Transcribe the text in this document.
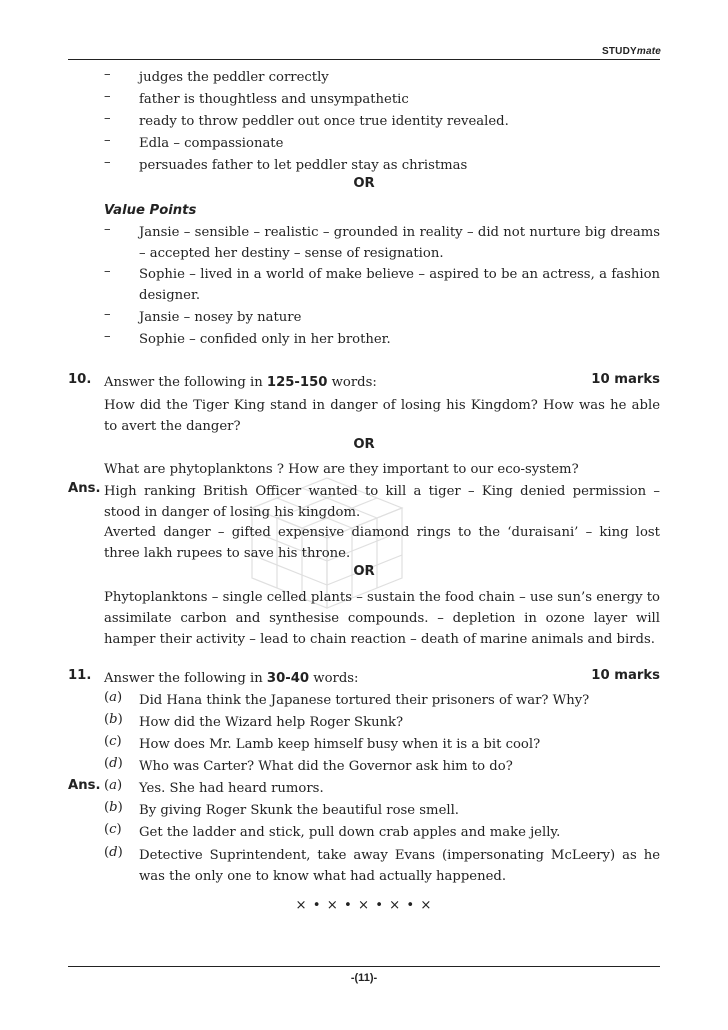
STUDYmate
– judges the peddler correctly
– father is thoughtless and unsympathetic
– ready to throw peddler out once true identity revealed.
– Edla – compassionate
– persuades father to let peddler stay as christmas
OR
Value Points
– Jansie – sensible – realistic – grounded in reality – did not nurture big dreams – accepted her destiny – sense of resignation.
– Sophie – lived in a world of make believe – aspired to be an actress, a fashion designer.
– Jansie – nosey by nature
– Sophie – confided only in her brother.
10. Answer the following in 125-150 words:	10 marks
How did the Tiger King stand in danger of losing his Kingdom? How was he able to avert the danger?
OR
What are phytoplanktons ? How are they important to our eco-system?
Ans. High ranking British Officer wanted to kill a tiger – King denied permission – stood in danger of losing his kingdom.
Averted danger – gifted expensive diamond rings to the ‘duraisani’ – king lost three lakh rupees to save his throne.
OR
Phytoplanktons – single celled plants – sustain the food chain – use sun’s energy to assimilate carbon and synthesise compounds. – depletion in ozone layer will hamper their activity – lead to chain reaction – death of marine animals and birds.
11. Answer the following in 30-40 words:	10 marks
(a) Did Hana think the Japanese tortured their prisoners of war? Why?
(b) How did the Wizard help Roger Skunk?
(c) How does Mr. Lamb keep himself busy when it is a bit cool?
(d) Who was Carter? What did the Governor ask him to do?
Ans. (a) Yes. She had heard rumors.
(b) By giving Roger Skunk the beautiful rose smell.
(c) Get the ladder and stick, pull down crab apples and make jelly.
(d) Detective Suprintendent, take away Evans (impersonating McLeery) as he was the only one to know what had actually happened.
× • × • × • × • ×
-(11)-
